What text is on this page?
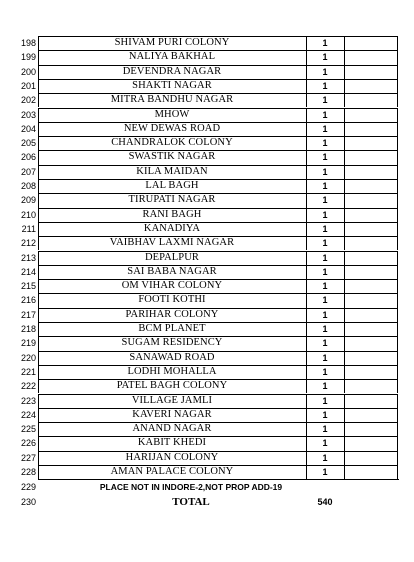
198	SHIVAM PURI COLONY	1
199	NALIYA BAKHAL	1
200	DEVENDRA NAGAR	1
201	SHAKTI NAGAR	1
202	MITRA BANDHU NAGAR	1
203	MHOW	1
204	NEW DEWAS ROAD	1
205	CHANDRALOK COLONY	1
206	SWASTIK NAGAR	1
207	KILA MAIDAN	1
208	LAL BAGH	1
209	TIRUPATI NAGAR	1
210	RANI BAGH	1
211	KANADIYA	1
212	VAIBHAV LAXMI NAGAR	1
213	DEPALPUR	1
214	SAI BABA NAGAR	1
215	OM VIHAR COLONY	1
216	FOOTI KOTHI	1
217	PARIHAR COLONY	1
218	BCM PLANET	1
219	SUGAM RESIDENCY	1
220	SANAWAD ROAD	1
221	LODHI MOHALLA	1
222	PATEL BAGH COLONY	1
223	VILLAGE JAMLI	1
224	KAVERI NAGAR	1
225	ANAND NAGAR	1
226	KABIT KHEDI	1
227	HARIJAN COLONY	1
228	AMAN PALACE COLONY	1
229	PLACE NOT IN INDORE-2,NOT PROP ADD-19
230	TOTAL	540
